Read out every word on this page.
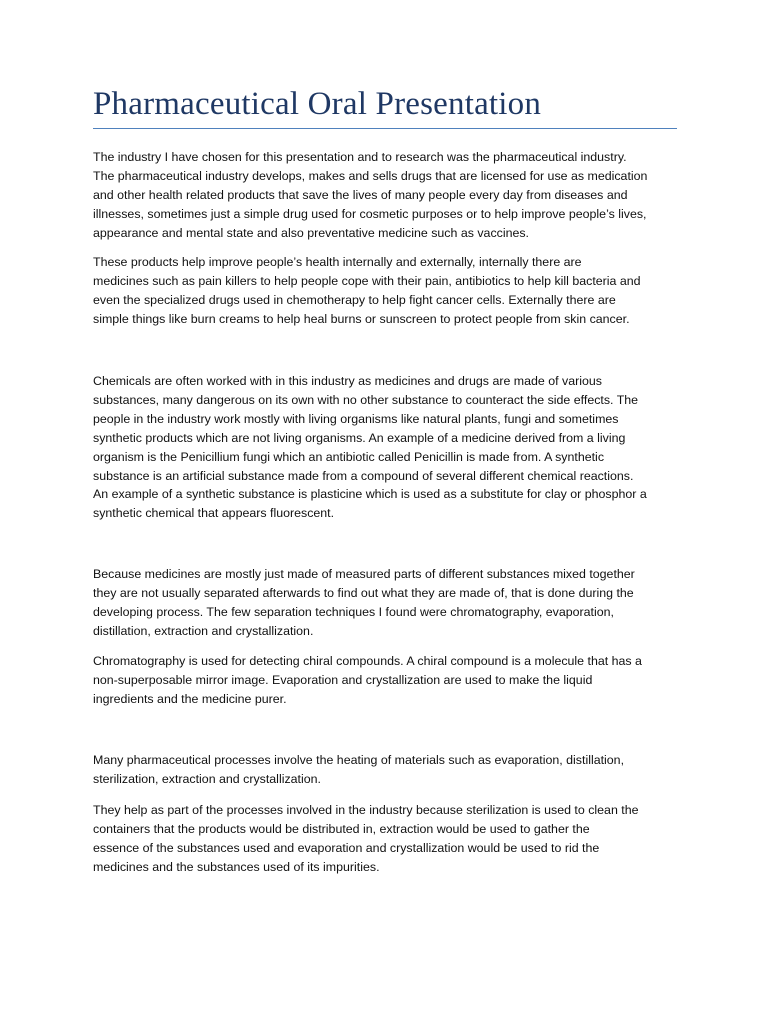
Pharmaceutical Oral Presentation
The industry I have chosen for this presentation and to research was the pharmaceutical industry.
The pharmaceutical industry develops, makes and sells drugs that are licensed for use as medication
and other health related products that save the lives of many people every day from diseases and
illnesses, sometimes just a simple drug used for cosmetic purposes or to help improve people’s lives,
appearance and mental state and also preventative medicine such as vaccines.
These products help improve people’s health internally and externally, internally there are
medicines such as pain killers to help people cope with their pain, antibiotics to help kill bacteria and
even the specialized drugs used in chemotherapy to help fight cancer cells. Externally there are
simple things like burn creams to help heal burns or sunscreen to protect people from skin cancer.
Chemicals are often worked with in this industry as medicines and drugs are made of various
substances, many dangerous on its own with no other substance to counteract the side effects. The
people in the industry work mostly with living organisms like natural plants, fungi and sometimes
synthetic products which are not living organisms. An example of a medicine derived from a living
organism is the Penicillium fungi which an antibiotic called Penicillin is made from. A synthetic
substance is an artificial substance made from a compound of several different chemical reactions.
An example of a synthetic substance is plasticine which is used as a substitute for clay or phosphor a
synthetic chemical that appears fluorescent.
Because medicines are mostly just made of measured parts of different substances mixed together
they are not usually separated afterwards to find out what they are made of, that is done during the
developing process. The few separation techniques I found were chromatography, evaporation,
distillation, extraction and crystallization.
Chromatography is used for detecting chiral compounds. A chiral compound is a molecule that has a
non-superposable mirror image. Evaporation and crystallization are used to make the liquid
ingredients and the medicine purer.
Many pharmaceutical processes involve the heating of materials such as evaporation, distillation,
sterilization, extraction and crystallization.
They help as part of the processes involved in the industry because sterilization is used to clean the
containers that the products would be distributed in, extraction would be used to gather the
essence of the substances used and evaporation and crystallization would be used to rid the
medicines and the substances used of its impurities.
